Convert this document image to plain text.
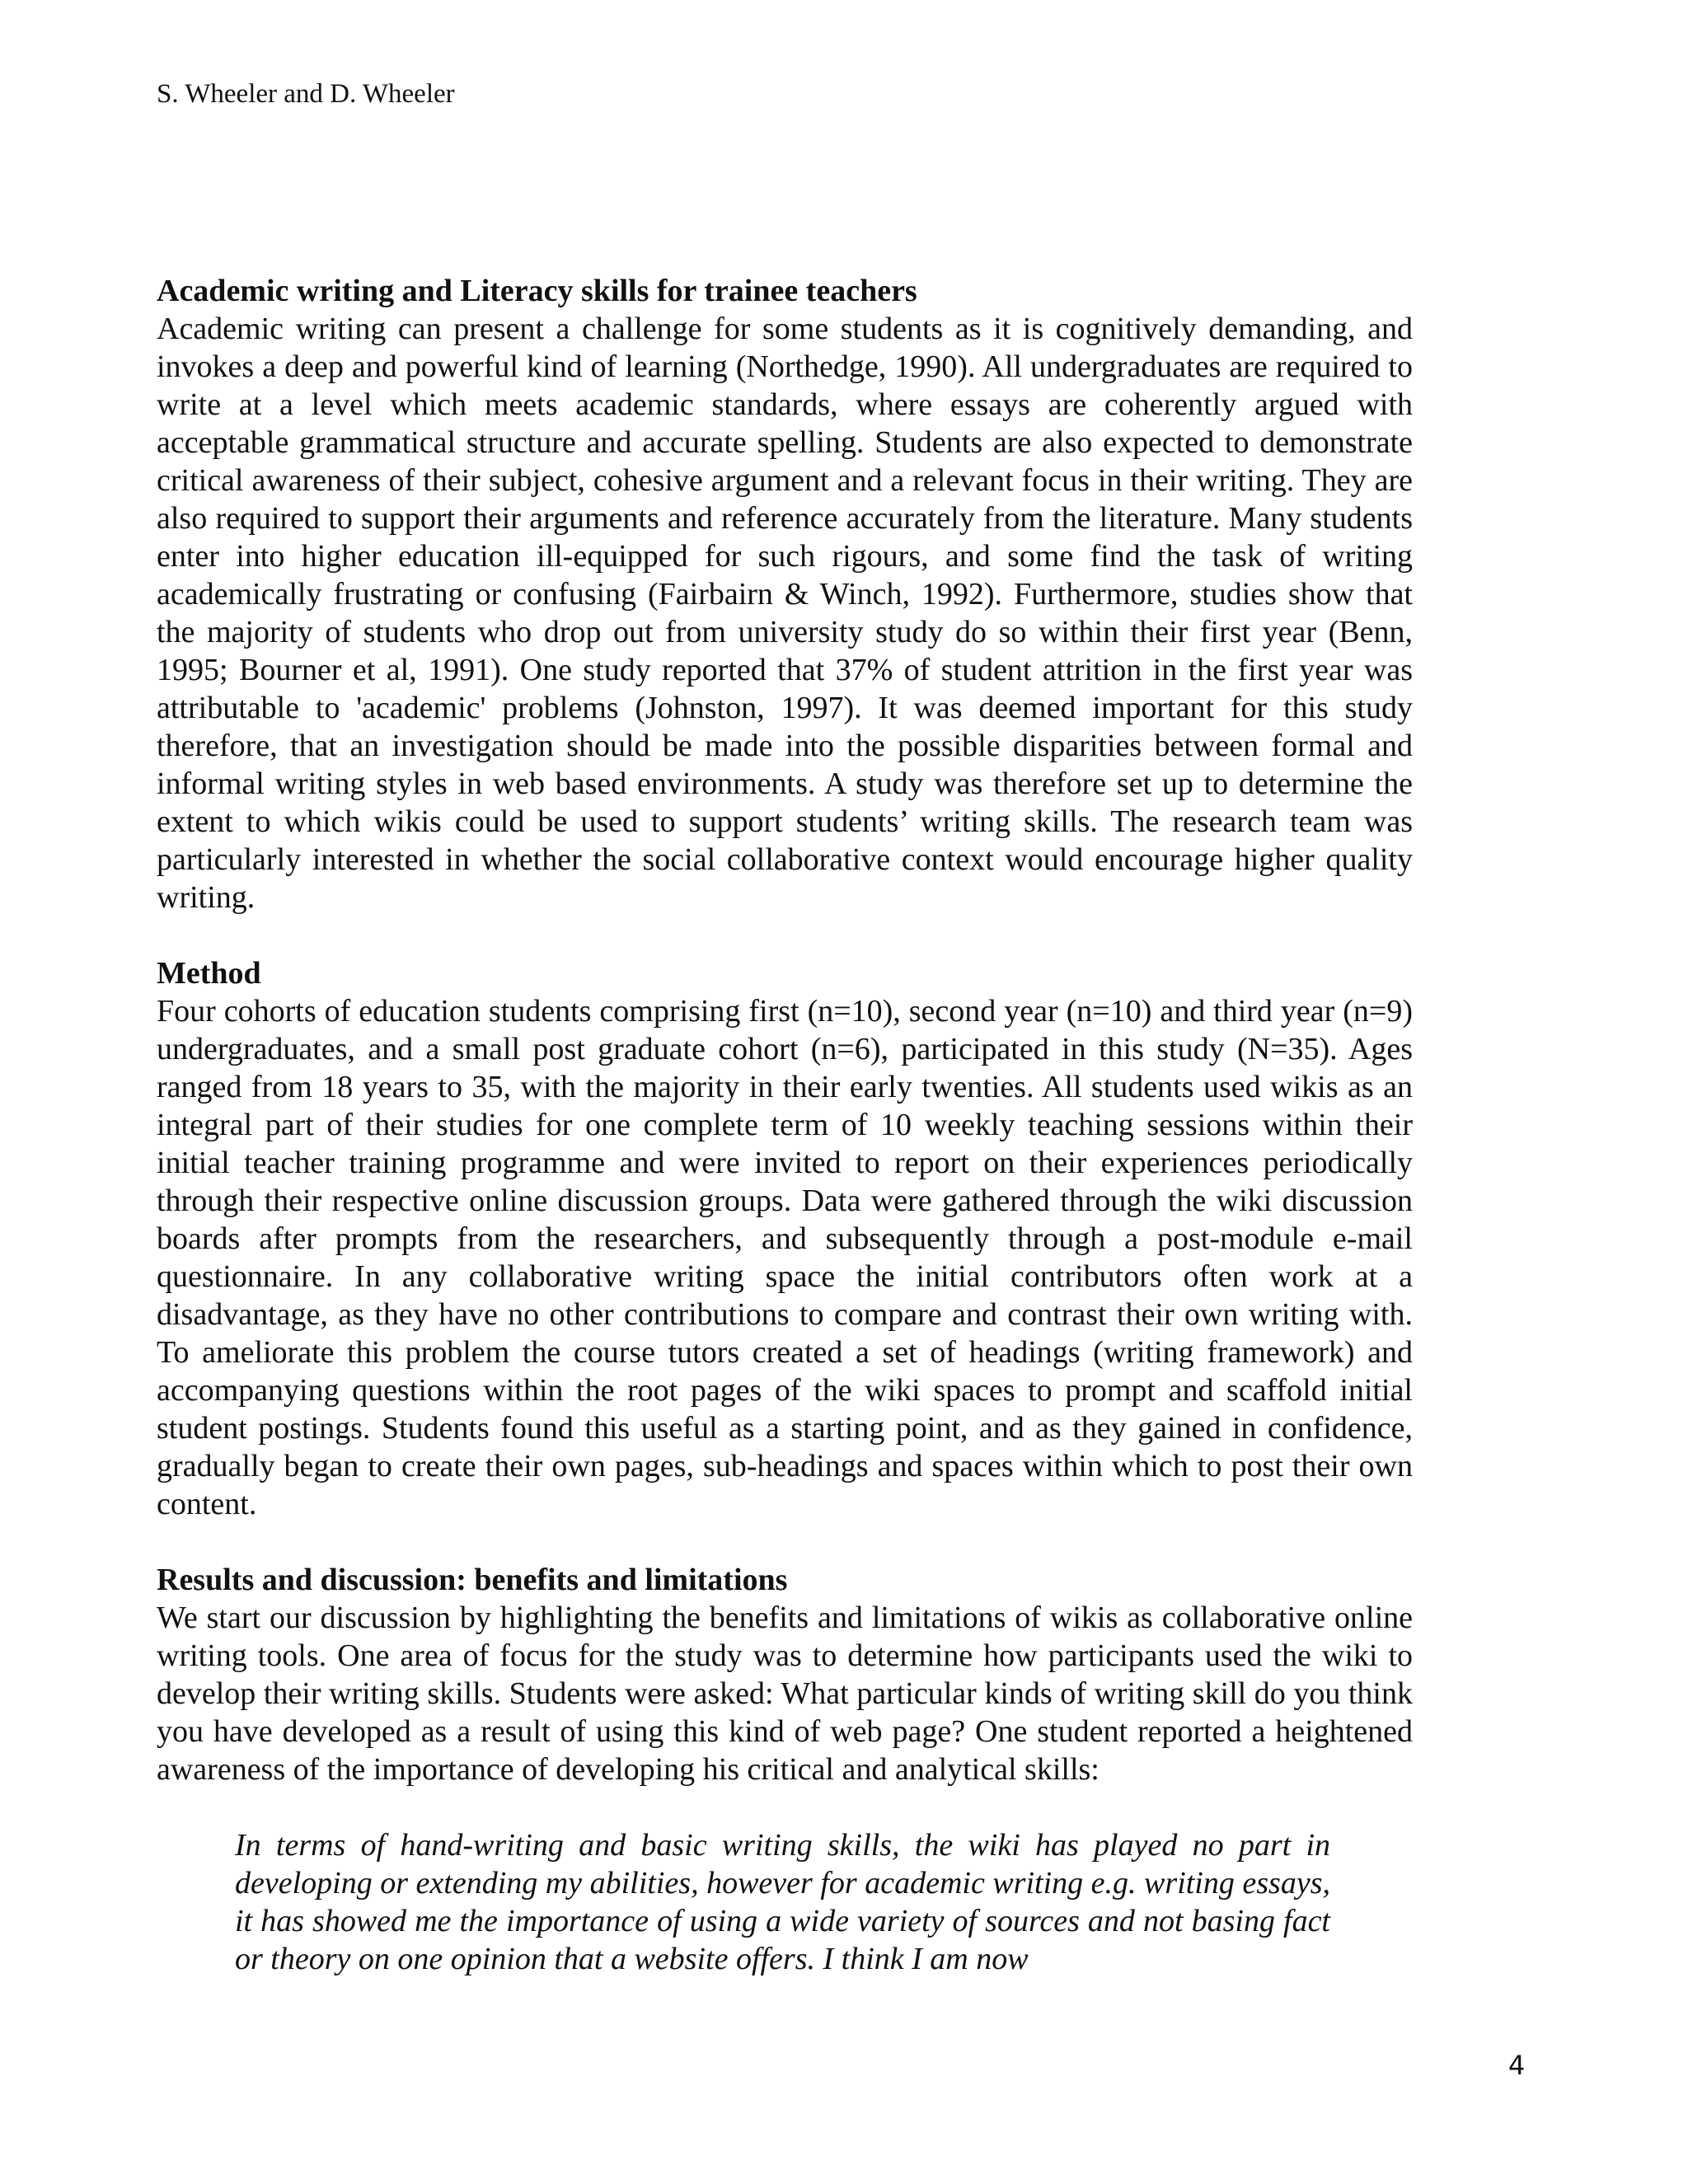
S. Wheeler and D. Wheeler
Academic writing and Literacy skills for trainee teachers

Academic writing can present a challenge for some students as it is cognitively demanding, and invokes a deep and powerful kind of learning (Northedge, 1990). All undergraduates are required to write at a level which meets academic standards, where essays are coherently argued with acceptable grammatical structure and accurate spelling. Students are also expected to demonstrate critical awareness of their subject, cohesive argument and a relevant focus in their writing. They are also required to support their arguments and reference accurately from the literature. Many students enter into higher education ill-equipped for such rigours, and some find the task of writing academically frustrating or confusing (Fairbairn & Winch, 1992). Furthermore, studies show that the majority of students who drop out from university study do so within their first year (Benn, 1995; Bourner et al, 1991). One study reported that 37% of student attrition in the first year was attributable to 'academic' problems (Johnston, 1997). It was deemed important for this study therefore, that an investigation should be made into the possible disparities between formal and informal writing styles in web based environments. A study was therefore set up to determine the extent to which wikis could be used to support students’ writing skills. The research team was particularly interested in whether the social collaborative context would encourage higher quality writing.

Method

Four cohorts of education students comprising first (n=10), second year (n=10) and third year (n=9) undergraduates, and a small post graduate cohort (n=6), participated in this study (N=35). Ages ranged from 18 years to 35, with the majority in their early twenties. All students used wikis as an integral part of their studies for one complete term of 10 weekly teaching sessions within their initial teacher training programme and were invited to report on their experiences periodically through their respective online discussion groups. Data were gathered through the wiki discussion boards after prompts from the researchers, and subsequently through a post-module e-mail questionnaire. In any collaborative writing space the initial contributors often work at a disadvantage, as they have no other contributions to compare and contrast their own writing with. To ameliorate this problem the course tutors created a set of headings (writing framework) and accompanying questions within the root pages of the wiki spaces to prompt and scaffold initial student postings. Students found this useful as a starting point, and as they gained in confidence, gradually began to create their own pages, sub-headings and spaces within which to post their own content.

Results and discussion: benefits and limitations

We start our discussion by highlighting the benefits and limitations of wikis as collaborative online writing tools. One area of focus for the study was to determine how participants used the wiki to develop their writing skills. Students were asked: What particular kinds of writing skill do you think you have developed as a result of using this kind of web page? One student reported a heightened awareness of the importance of developing his critical and analytical skills:

In terms of hand-writing and basic writing skills, the wiki has played no part in developing or extending my abilities, however for academic writing e.g. writing essays, it has showed me the importance of using a wide variety of sources and not basing fact or theory on one opinion that a website offers. I think I am now
4
